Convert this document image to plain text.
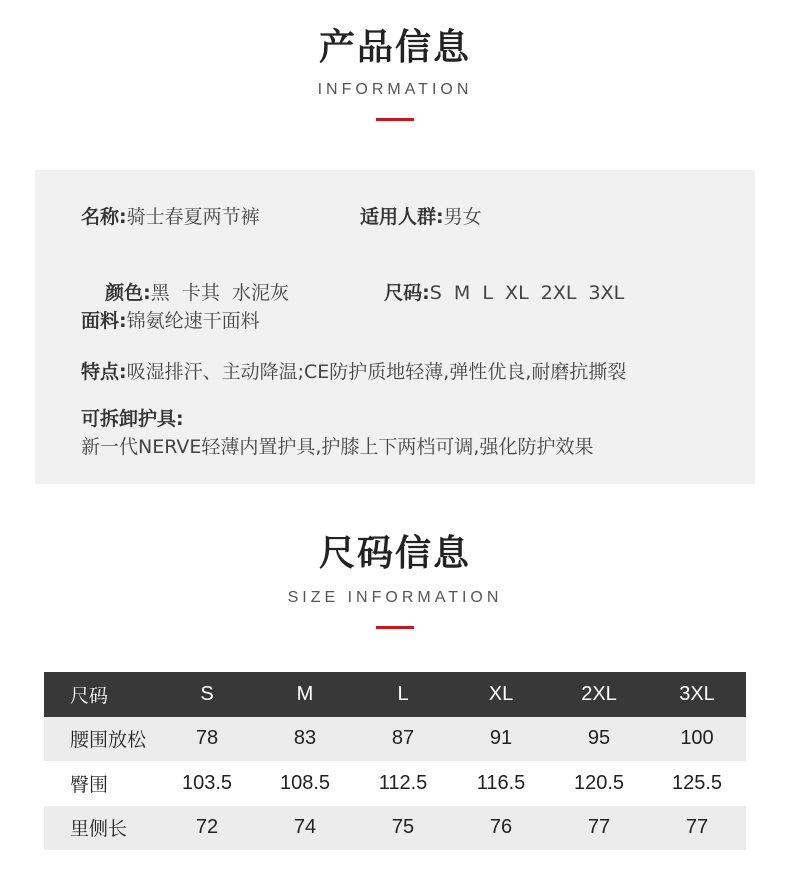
产品信息
INFORMATION
名称:骑士春夏两节裤	适用人群:男女

颜色:黑  卡其  水泥灰
	尺码:S  M  L  XL  2XL  3XL

面料:锦氨纶速干面料
特点:吸湿排汗、主动降温;CE防护质地轻薄,弹性优良,耐磨抗撕裂
可拆卸护具:
新一代NERVE轻薄内置护具,护膝上下两档可调,强化防护效果
尺码信息
SIZE INFORMATION
尺码	S	M	L	XL	2XL	3XL
腰围放松	78	83	87	91	95	100
臀围	103.5	108.5	112.5	116.5	120.5	125.5
里侧长	72	74	75	76	77	77
